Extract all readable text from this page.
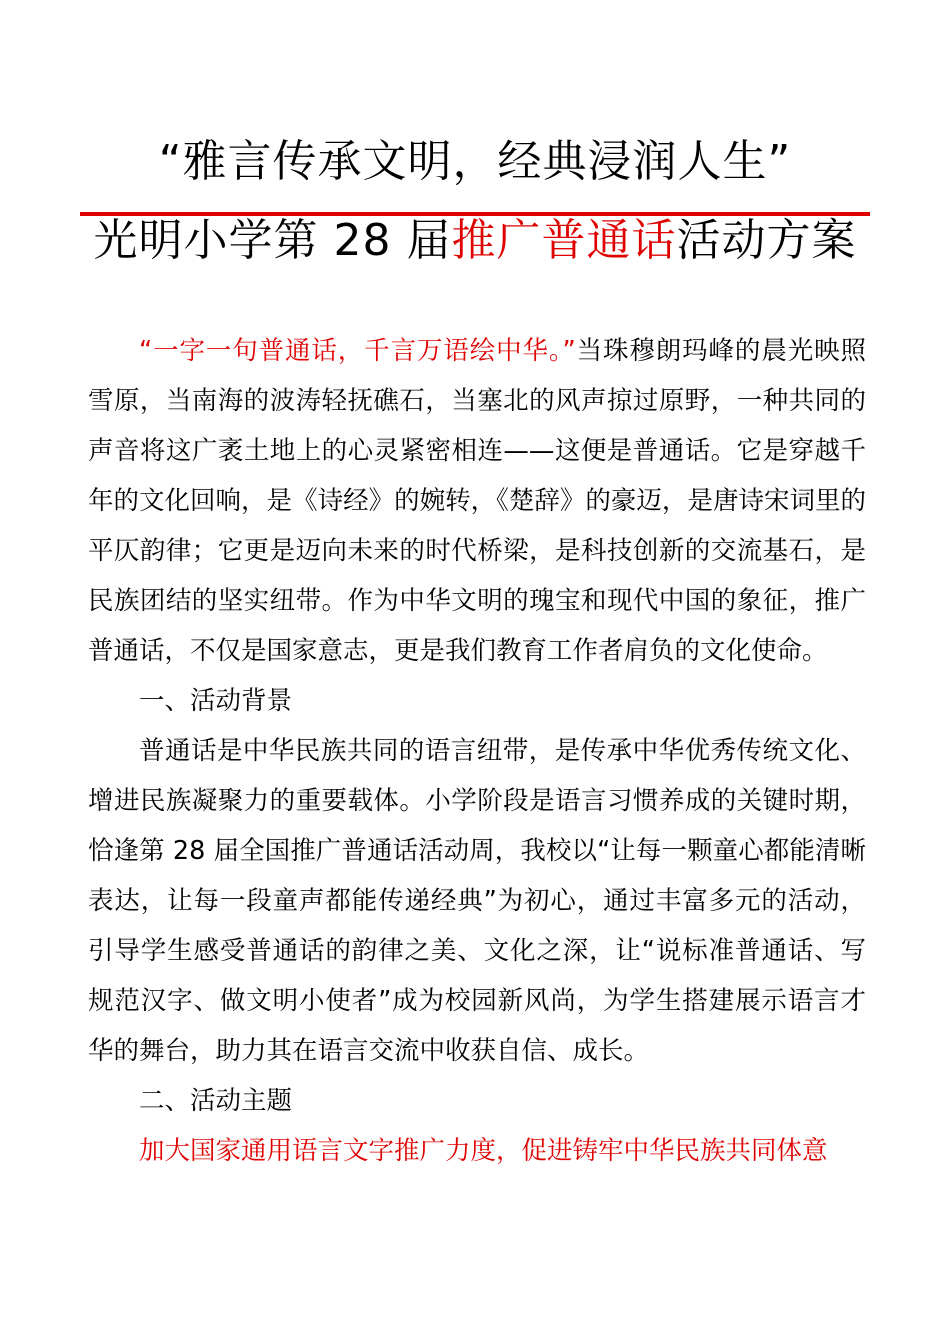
“雅言传承文明，经典浸润人生”
光明小学第 28 届推广普通话活动方案

“一字一句普通话，千言万语绘中华。”当珠穆朗玛峰的晨光映照雪原，当南海的波涛轻抚礁石，当塞北的风声掠过原野，一种共同的声音将这广袤土地上的心灵紧密相连——这便是普通话。它是穿越千年的文化回响，是《诗经》的婉转，《楚辞》的豪迈，是唐诗宋词里的平仄韵律；它更是迈向未来的时代桥梁，是科技创新的交流基石，是民族团结的坚实纽带。作为中华文明的瑰宝和现代中国的象征，推广普通话，不仅是国家意志，更是我们教育工作者肩负的文化使命。

一、活动背景

普通话是中华民族共同的语言纽带，是传承中华优秀传统文化、增进民族凝聚力的重要载体。小学阶段是语言习惯养成的关键时期，恰逢第 28 届全国推广普通话活动周，我校以“让每一颗童心都能清晰表达，让每一段童声都能传递经典”为初心，通过丰富多元的活动，引导学生感受普通话的韵律之美、文化之深，让“说标准普通话、写规范汉字、做文明小使者”成为校园新风尚，为学生搭建展示语言才华的舞台，助力其在语言交流中收获自信、成长。

二、活动主题

加大国家通用语言文字推广力度，促进铸牢中华民族共同体意
